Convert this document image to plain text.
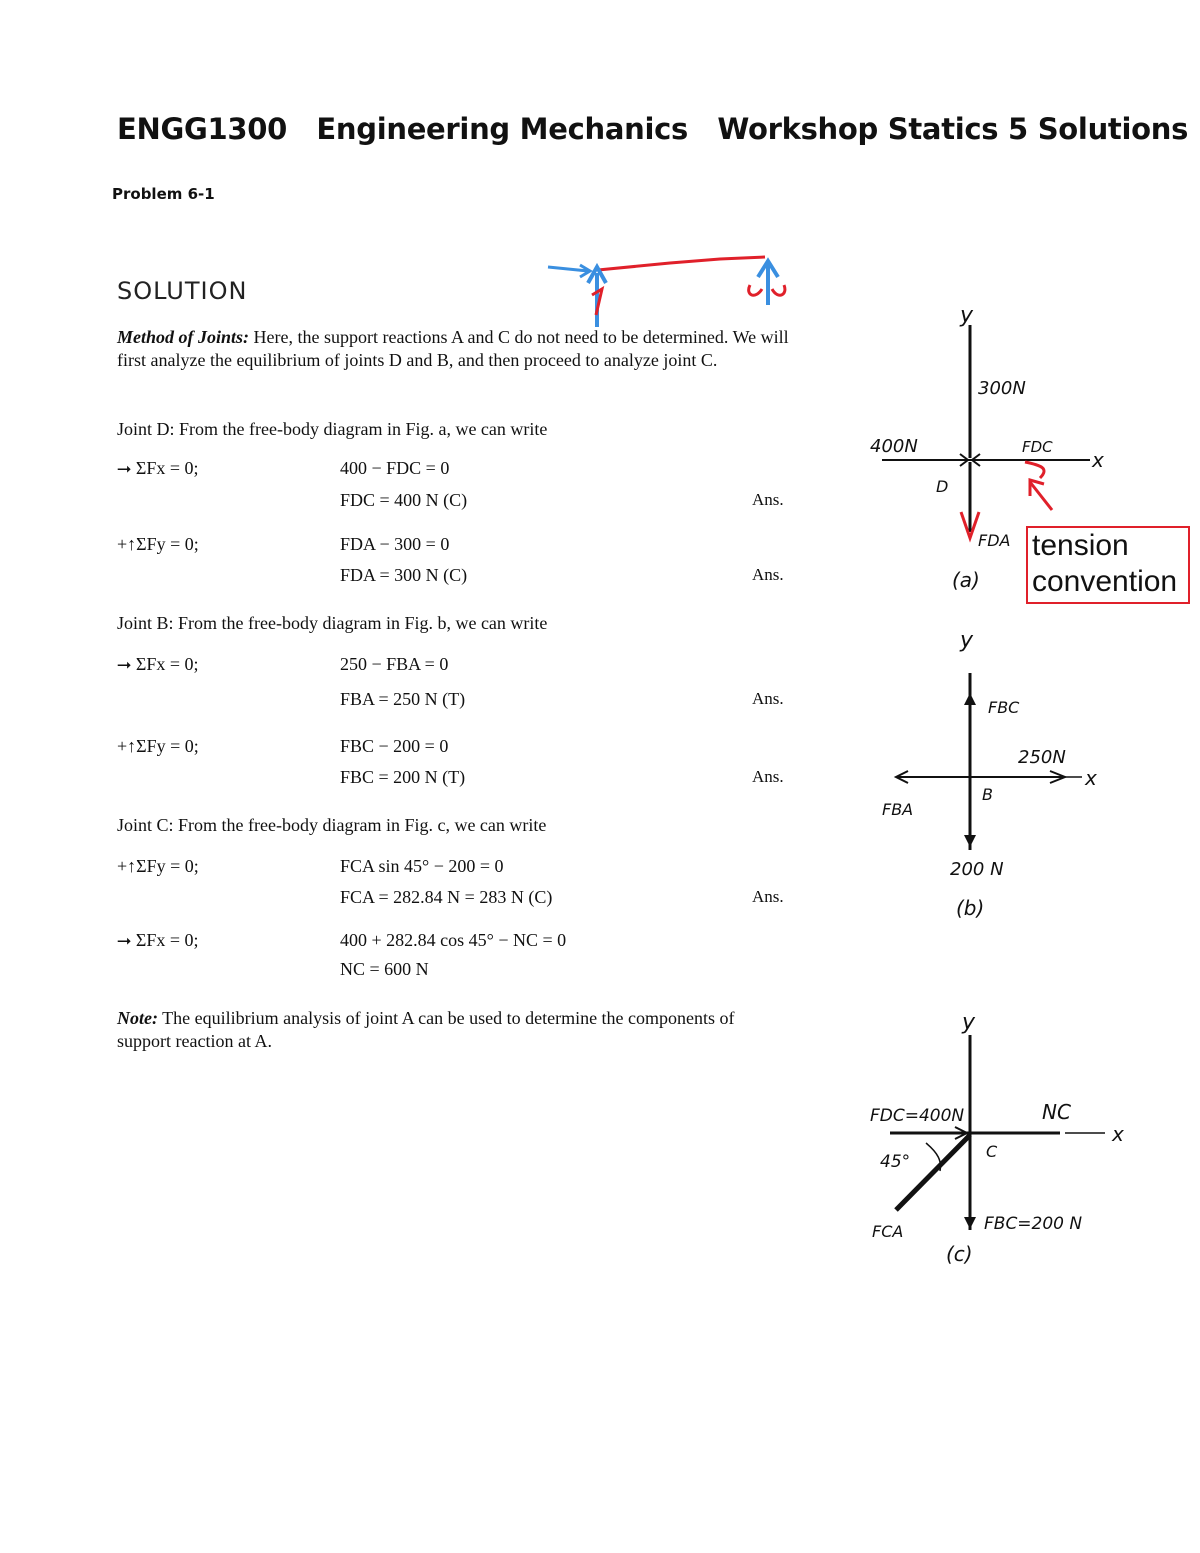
ENGG1300   Engineering Mechanics   Workshop Statics 5 Solutions
Problem 6-1
SOLUTION
Method of Joints: Here, the support reactions A and C do not need to be determined. We will first analyze the equilibrium of joints D and B, and then proceed to analyze joint C.
Joint D: From the free-body diagram in Fig. a, we can write
⭢ ΣFx = 0;	400 − FDC = 0
FDC = 400 N (C)	Ans.
+↑ΣFy = 0;	FDA − 300 = 0
FDA = 300 N (C)	Ans.
Joint B: From the free-body diagram in Fig. b, we can write
⭢ ΣFx = 0;	250 − FBA = 0
FBA = 250 N (T)	Ans.
+↑ΣFy = 0;	FBC − 200 = 0
FBC = 200 N (T)	Ans.
Joint C: From the free-body diagram in Fig. c, we can write
+↑ΣFy = 0;	FCA sin 45° − 200 = 0
FCA = 282.84 N = 283 N (C)	Ans.
⭢ ΣFx = 0;	400 + 282.84 cos 45° − NC = 0
NC = 600 N
Note: The equilibrium analysis of joint A can be used to determine the components of support reaction at A.
y
300N
400N	FDC
x
D
FDA
(a)
tension
convention
y
FBC
250N
x
FBA
B
200 N
(b)
y
FDC=400N	NC
x
45°
C
FCA	FBC=200 N
(c)
